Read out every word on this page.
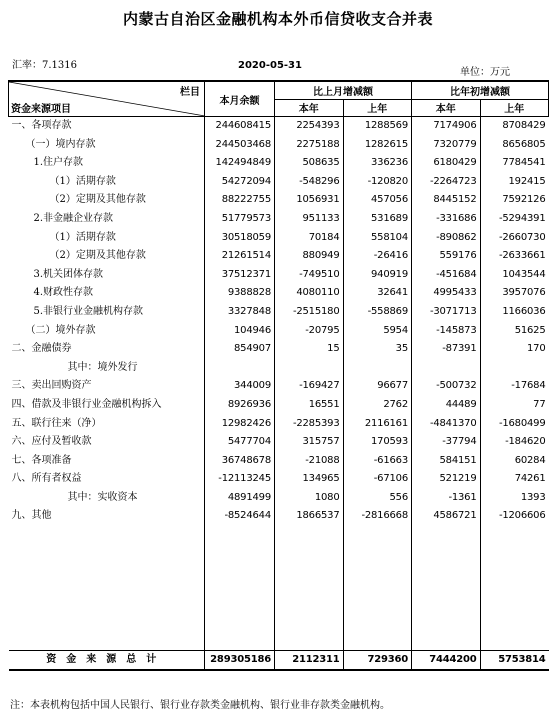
内蒙古自治区金融机构本外币信贷收支合并表
汇率：7.1316	2020-05-31
单位：万元
栏目
资金来源项目	本月余额	比上月增减额		比年初增减额	
		本年	上年	本年	上年
一、各项存款	244608415	2254393	1288569	7174906	8708429
（一）境内存款	244503468	2275188	1282615	7320779	8656805
1.住户存款	142494849	508635	336236	6180429	7784541
（1）活期存款	54272094	-548296	-120820	-2264723	192415
（2）定期及其他存款	88222755	1056931	457056	8445152	7592126
2.非金融企业存款	51779573	951133	531689	-331686	-5294391
（1）活期存款	30518059	70184	558104	-890862	-2660730
（2）定期及其他存款	21261514	880949	-26416	559176	-2633661
3.机关团体存款	37512371	-749510	940919	-451684	1043544
4.财政性存款	9388828	4080110	32641	4995433	3957076
5.非银行业金融机构存款	3327848	-2515180	-558869	-3071713	1166036
（二）境外存款	104946	-20795	5954	-145873	51625
二、金融债券	854907	15	35	-87391	170
其中：境外发行					
三、卖出回购资产	344009	-169427	96677	-500732	-17684
四、借款及非银行业金融机构拆入	8926936	16551	2762	44489	77
五、联行往来（净）	12982426	-2285393	2116161	-4841370	-1680499
六、应付及暂收款	5477704	315757	170593	-37794	-184620
七、各项准备	36748678	-21088	-61663	584151	60284
八、所有者权益	-12113245	134965	-67106	521219	74261
其中：实收资本	4891499	1080	556	-1361	1393
九、其他	-8524644	1866537	-2816668	4586721	-1206606

资金来源总计	289305186	2112311	729360	7444200	5753814
注：本表机构包括中国人民银行、银行业存款类金融机构、银行业非存款类金融机构。
